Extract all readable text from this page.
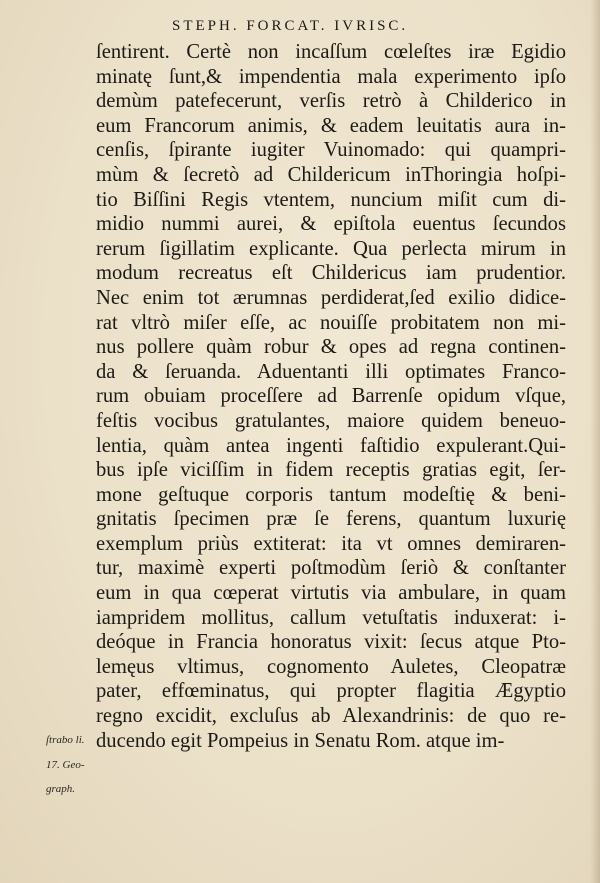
STEPH. FORCAT. IVRISC.
ſentirent. Certè non incaſſum cœleſtes iræ Egidio
minatę ſunt,& impendentia mala experimento ipſo
demùm patefecerunt, verſis retrò à Childerico in
eum Francorum animis, & eadem leuitatis aura in-
cenſis, ſpirante iugiter Vuinomado: qui quampri-
mùm & ſecretò ad Childericum inThoringia hoſpi-
tio Biſſini Regis vtentem, nuncium miſit cum di-
midio nummi aurei, & epiſtola euentus ſecundos
rerum ſigillatim explicante. Qua perlecta mirum in
modum recreatus eſt Childericus iam prudentior.
Nec enim tot ærumnas perdiderat,ſed exilio didice-
rat vltrò miſer eſſe, ac nouiſſe probitatem non mi-
nus pollere quàm robur & opes ad regna continen-
da & ſeruanda. Aduentanti illi optimates Franco-
rum obuiam proceſſere ad Barrenſe opidum vſque,
feſtis vocibus gratulantes, maiore quidem beneuo-
lentia, quàm antea ingenti faſtidio expulerant.Qui-
bus ipſe viciſſim in fidem receptis gratias egit, ſer-
mone geſtuque corporis tantum modeſtię & beni-
gnitatis ſpecimen præ ſe ferens, quantum luxurię
exemplum priùs extiterat: ita vt omnes demiraren-
tur, maximè experti poſtmodùm ſeriò & conſtanter
eum in qua cœperat virtutis via ambulare, in quam
iampridem mollitus, callum vetuſtatis induxerat: i-
deóque in Francia honoratus vixit: ſecus atque Pto-
lemęus vltimus, cognomento Auletes, Cleopatræ
pater, effœminatus, qui propter flagitia Ægyptio
regno excidit, excluſus ab Alexandrinis: de quo re-
ducendo egit Pompeius in Senatu Rom. atque im-
ſtrabo li.
17. Geo-
graph.
